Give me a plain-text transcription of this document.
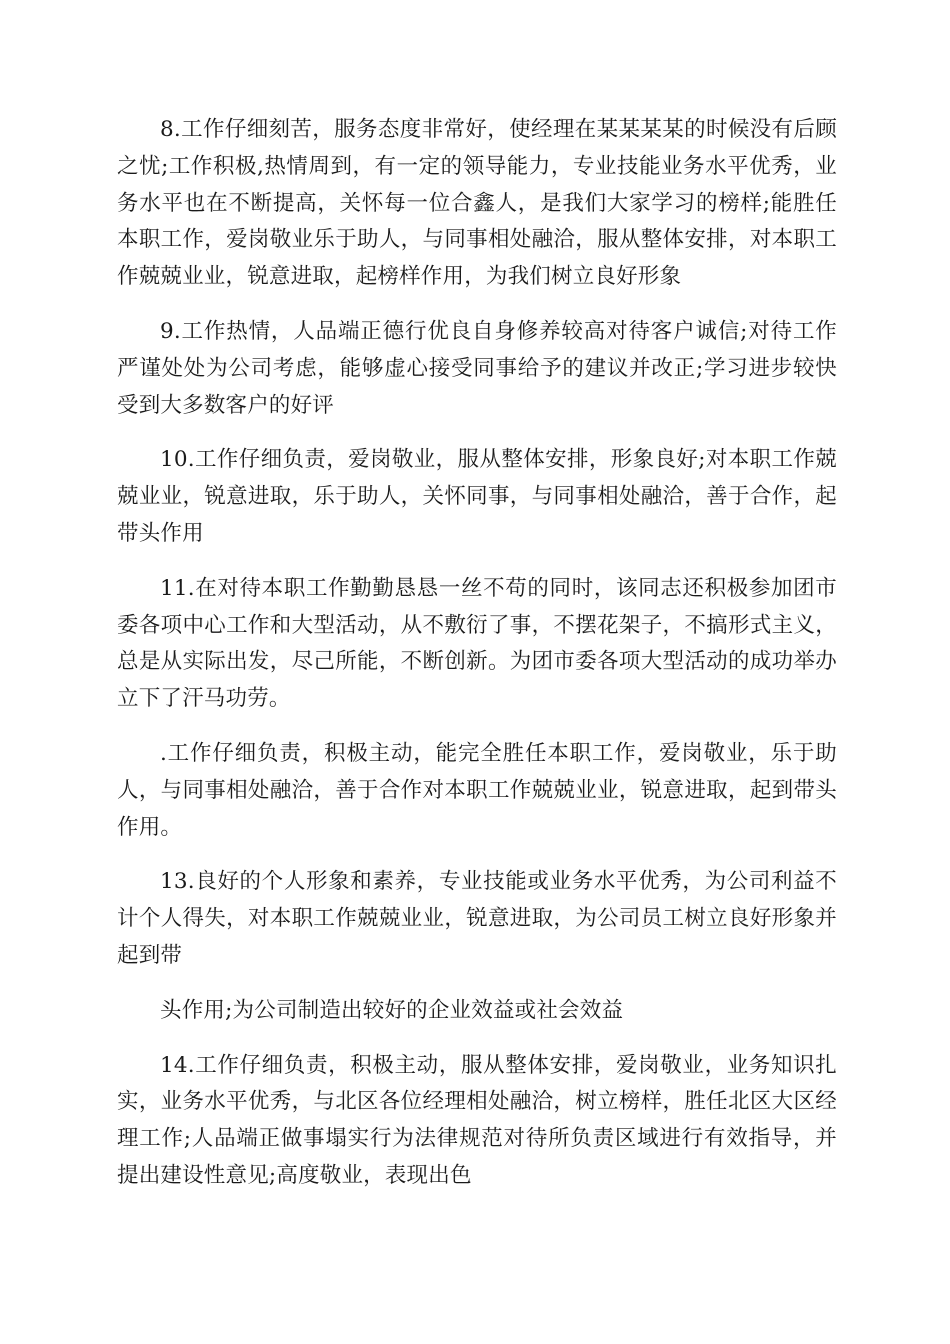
8.工作仔细刻苦，服务态度非常好，使经理在某某某某的时候没有后顾之忧;工作积极,热情周到，有一定的领导能力，专业技能业务水平优秀，业务水平也在不断提高，关怀每一位合鑫人，是我们大家学习的榜样;能胜任本职工作，爱岗敬业乐于助人，与同事相处融洽，服从整体安排，对本职工作兢兢业业，锐意进取，起榜样作用，为我们树立良好形象

9.工作热情，人品端正德行优良自身修养较高对待客户诚信;对待工作严谨处处为公司考虑，能够虚心接受同事给予的建议并改正;学习进步较快受到大多数客户的好评

10.工作仔细负责，爱岗敬业，服从整体安排，形象良好;对本职工作兢兢业业，锐意进取，乐于助人，关怀同事，与同事相处融洽，善于合作，起带头作用

11.在对待本职工作勤勤恳恳一丝不苟的同时，该同志还积极参加团市委各项中心工作和大型活动，从不敷衍了事，不摆花架子，不搞形式主义，总是从实际出发，尽己所能，不断创新。为团市委各项大型活动的成功举办立下了汗马功劳。

.工作仔细负责，积极主动，能完全胜任本职工作，爱岗敬业，乐于助人，与同事相处融洽，善于合作对本职工作兢兢业业，锐意进取，起到带头作用。

13.良好的个人形象和素养，专业技能或业务水平优秀，为公司利益不计个人得失，对本职工作兢兢业业，锐意进取，为公司员工树立良好形象并起到带

头作用;为公司制造出较好的企业效益或社会效益

14.工作仔细负责，积极主动，服从整体安排，爱岗敬业，业务知识扎实，业务水平优秀，与北区各位经理相处融洽，树立榜样，胜任北区大区经理工作;人品端正做事塌实行为法律规范对待所负责区域进行有效指导，并提出建设性意见;高度敬业，表现出色
